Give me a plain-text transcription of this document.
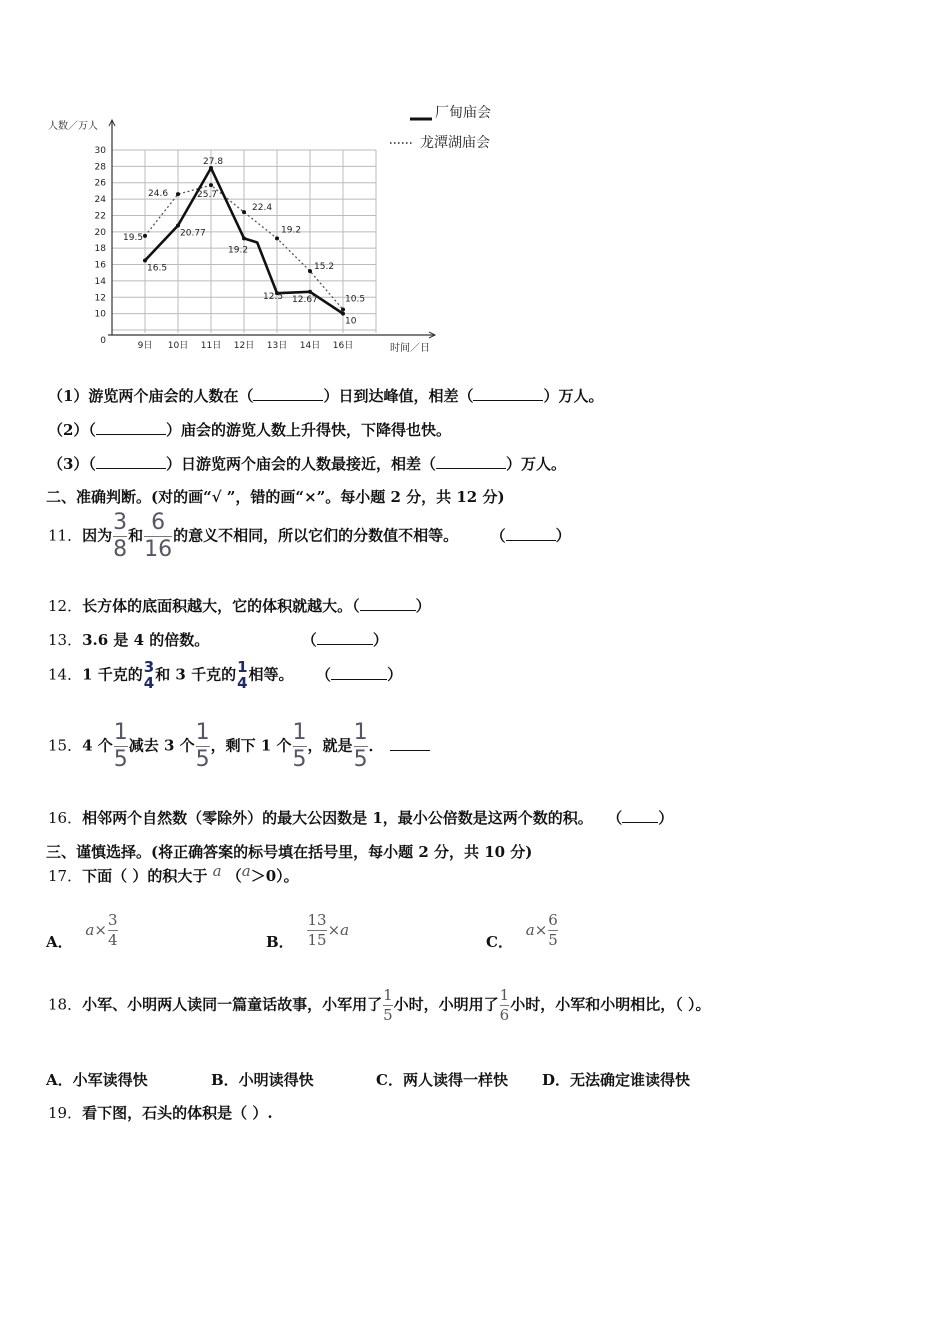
0
10
12
14
16
18
20
22
24
26
28
30
9日 10日 11日 12日 13日 14日 16日
16.5
20.77
27.8
19.2
12.5 12.67
10
19.5
24.6	25.7
22.4
19.2
15.2
10.5
人数／万人
时间／日
厂甸庙会
龙潭湖庙会
（1）游览两个庙会的人数在（	）日到达峰值，相差（	）万人。
（2）（	）庙会的游览人数上升得快，下降得也快。
（3）（	）日游览两个庙会的人数最接近，相差（	）万人。
二、准确判断。(对的画“√ ”，错的画“×”。每小题 2 分，共 12 分)
11．因为 $\frac{3}{8}$ 和 $\frac{6}{16}$ 的意义不相同，所以它们的分数值不相等。	（	）
12．长方体的底面积越大，它的体积就越大。（	）
13．3.6 是 4 的倍数。	（	）
14．1 千克的 $\frac{3}{4}$ 和 3 千克的 $\frac{1}{4}$ 相等。 （	）
15．4 个 $\frac{1}{5}$ 减去 3 个 $\frac{1}{5}$ ，剩下 1 个 $\frac{1}{5}$ ，就是 $\frac{1}{5}$ ．
16．相邻两个自然数（零除外）的最大公因数是 1，最小公倍数是这两个数的积。 （ ）
三、谨慎选择。(将正确答案的标号填在括号里，每小题 2 分，共 10 分)
17．下面（ ）的积大于 a （a＞0）。
A． $a\times \frac{3}{4}$	B． $\frac{13}{15} \times a$
C． $a\times \frac{6}{5}$
18．小军、小明两人读同一篇童话故事，小军用了 $\frac{1}{5}$ 小时，小明用了 $\frac{1}{6}$ 小时，小军和小明相比，（ ）。
A．小军读得快	B．小明读得快	C．两人读得一样快 D．无法确定谁读得快
19．看下图，石头的体积是（ ）.
